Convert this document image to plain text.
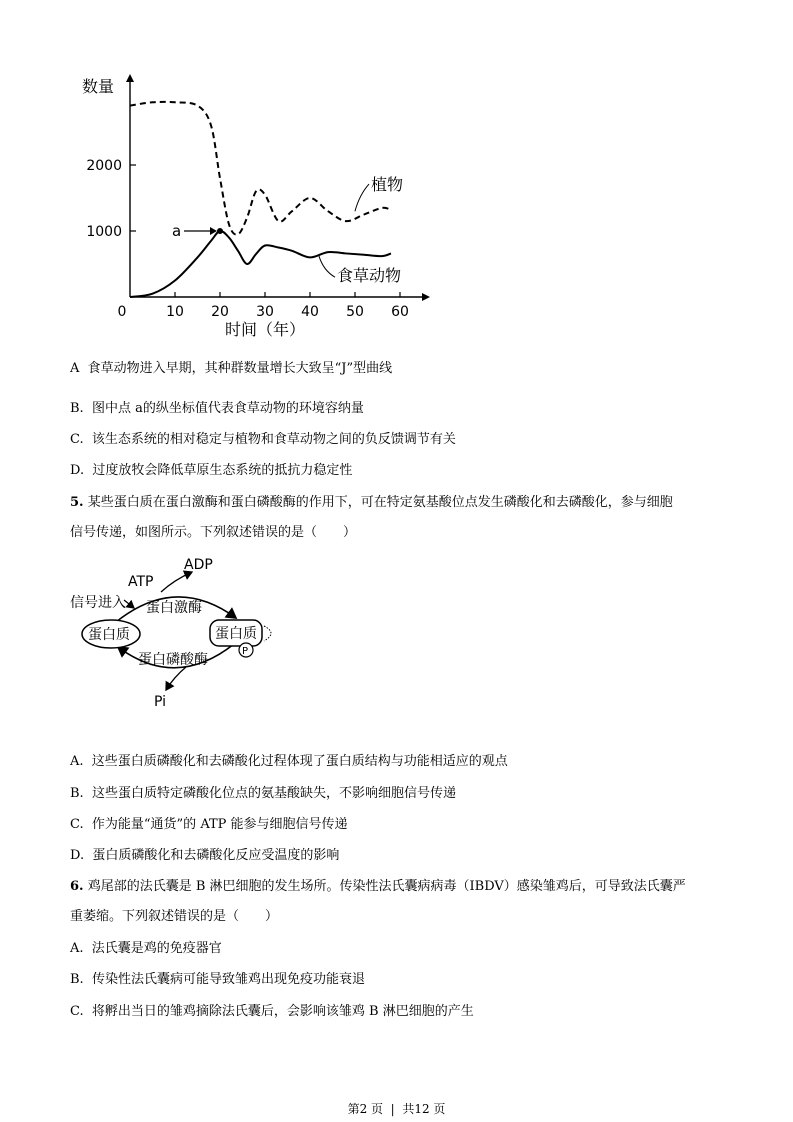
0	10 20 30 40 50 60
1000
2000
数量
时间（年）
植物
食草动物
a
A 食草动物进入早期，其种群数量增长大致呈“J”型曲线
B. 图中点 a的纵坐标值代表食草动物的环境容纳量
C. 该生态系统的相对稳定与植物和食草动物之间的负反馈调节有关
D. 过度放牧会降低草原生态系统的抵抗力稳定性
5. 某些蛋白质在蛋白激酶和蛋白磷酸酶的作用下，可在特定氨基酸位点发生磷酸化和去磷酸化，参与细胞
信号传递，如图所示。下列叙述错误的是（　　）
ADP
ATP
信号进入 蛋白激酶
蛋白质	蛋白质
P
蛋白磷酸酶
Pi
A. 这些蛋白质磷酸化和去磷酸化过程体现了蛋白质结构与功能相适应的观点
B. 这些蛋白质特定磷酸化位点的氨基酸缺失，不影响细胞信号传递
C. 作为能量“通货”的 ATP 能参与细胞信号传递
D. 蛋白质磷酸化和去磷酸化反应受温度的影响
6. 鸡尾部的法氏囊是 B 淋巴细胞的发生场所。传染性法氏囊病病毒（IBDV）感染雏鸡后，可导致法氏囊严
重萎缩。下列叙述错误的是（　　）
A. 法氏囊是鸡的免疫器官
B. 传染性法氏囊病可能导致雏鸡出现免疫功能衰退
C. 将孵出当日的雏鸡摘除法氏囊后，会影响该雏鸡 B 淋巴细胞的产生
第2 页 | 共12 页
